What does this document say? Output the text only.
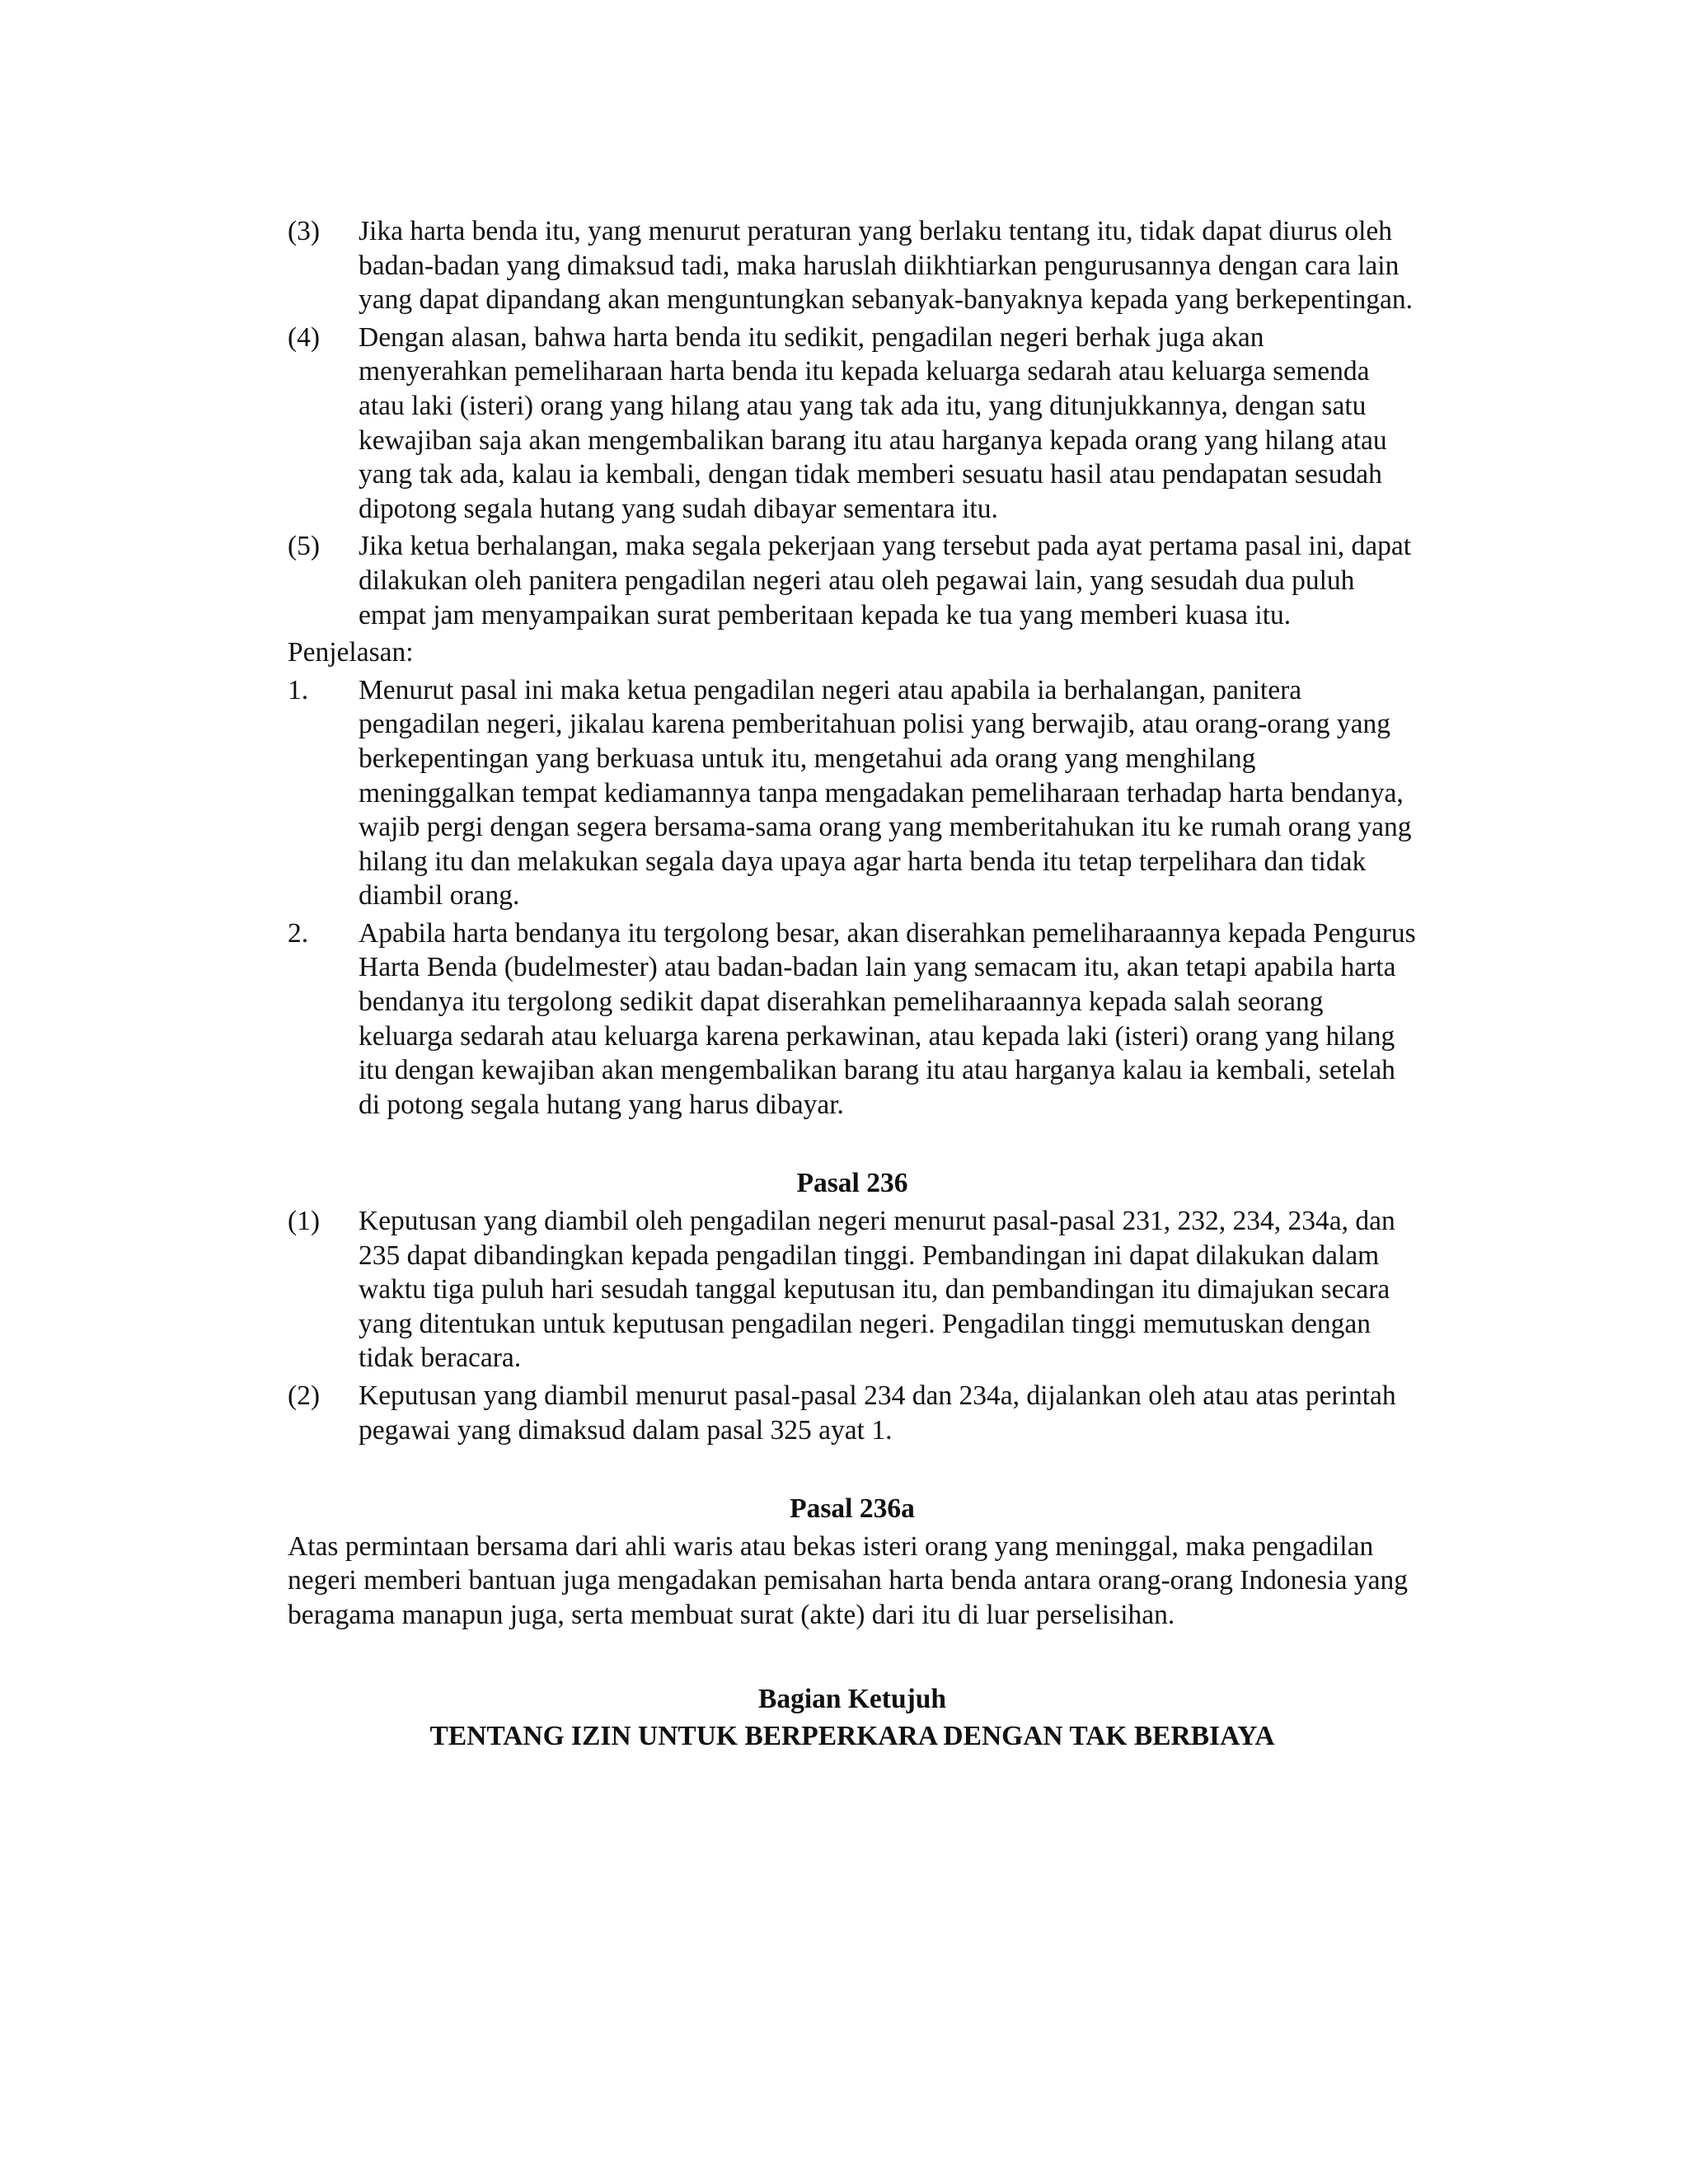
(3)	Jika harta benda itu, yang menurut peraturan yang berlaku tentang itu, tidak dapat diurus oleh badan-badan yang dimaksud tadi, maka haruslah diikhtiarkan pengurusannya dengan cara lain yang dapat dipandang akan menguntungkan sebanyak-banyaknya kepada yang berkepentingan.
(4)	Dengan alasan, bahwa harta benda itu sedikit, pengadilan negeri berhak juga akan menyerahkan pemeliharaan harta benda itu kepada keluarga sedarah atau keluarga semenda atau laki (isteri) orang yang hilang atau yang tak ada itu, yang ditunjukkannya, dengan satu kewajiban saja akan mengembalikan barang itu atau harganya kepada orang yang hilang atau yang tak ada, kalau ia kembali, dengan tidak memberi sesuatu hasil atau pendapatan sesudah dipotong segala hutang yang sudah dibayar sementara itu.
(5)	Jika ketua berhalangan, maka segala pekerjaan yang tersebut pada ayat pertama pasal ini, dapat dilakukan oleh panitera pengadilan negeri atau oleh pegawai lain, yang sesudah dua puluh empat jam menyampaikan surat pemberitaan kepada ke tua yang memberi kuasa itu.

Penjelasan:

1.	Menurut pasal ini maka ketua pengadilan negeri atau apabila ia berhalangan, panitera pengadilan negeri, jikalau karena pemberitahuan polisi yang berwajib, atau orang-orang yang berkepentingan yang berkuasa untuk itu, mengetahui ada orang yang menghilang meninggalkan tempat kediamannya tanpa mengadakan pemeliharaan terhadap harta bendanya, wajib pergi dengan segera bersama-sama orang yang memberitahukan itu ke rumah orang yang hilang itu dan melakukan segala daya upaya agar harta benda itu tetap terpelihara dan tidak diambil orang.
2.	Apabila harta bendanya itu tergolong besar, akan diserahkan pemeliharaannya kepada Pengurus Harta Benda (budelmester) atau badan-badan lain yang semacam itu, akan tetapi apabila harta bendanya itu tergolong sedikit dapat diserahkan pemeliharaannya kepada salah seorang keluarga sedarah atau keluarga karena perkawinan, atau kepada laki (isteri) orang yang hilang itu dengan kewajiban akan mengembalikan barang itu atau harganya kalau ia kembali, setelah di potong segala hutang yang harus dibayar.
Pasal 236
(1)	Keputusan yang diambil oleh pengadilan negeri menurut pasal-pasal 231, 232, 234, 234a, dan 235 dapat dibandingkan kepada pengadilan tinggi. Pembandingan ini dapat dilakukan dalam waktu tiga puluh hari sesudah tanggal keputusan itu, dan pembandingan itu dimajukan secara yang ditentukan untuk keputusan pengadilan negeri. Pengadilan tinggi memutuskan dengan tidak beracara.
(2)	Keputusan yang diambil menurut pasal-pasal 234 dan 234a, dijalankan oleh atau atas perintah pegawai yang dimaksud dalam pasal 325 ayat 1.
Pasal 236a

Atas permintaan bersama dari ahli waris atau bekas isteri orang yang meninggal, maka pengadilan negeri memberi bantuan juga mengadakan pemisahan harta benda antara orang-orang Indonesia yang beragama manapun juga, serta membuat surat (akte) dari itu di luar perselisihan.

Bagian Ketujuh
TENTANG IZIN UNTUK BERPERKARA DENGAN TAK BERBIAYA
